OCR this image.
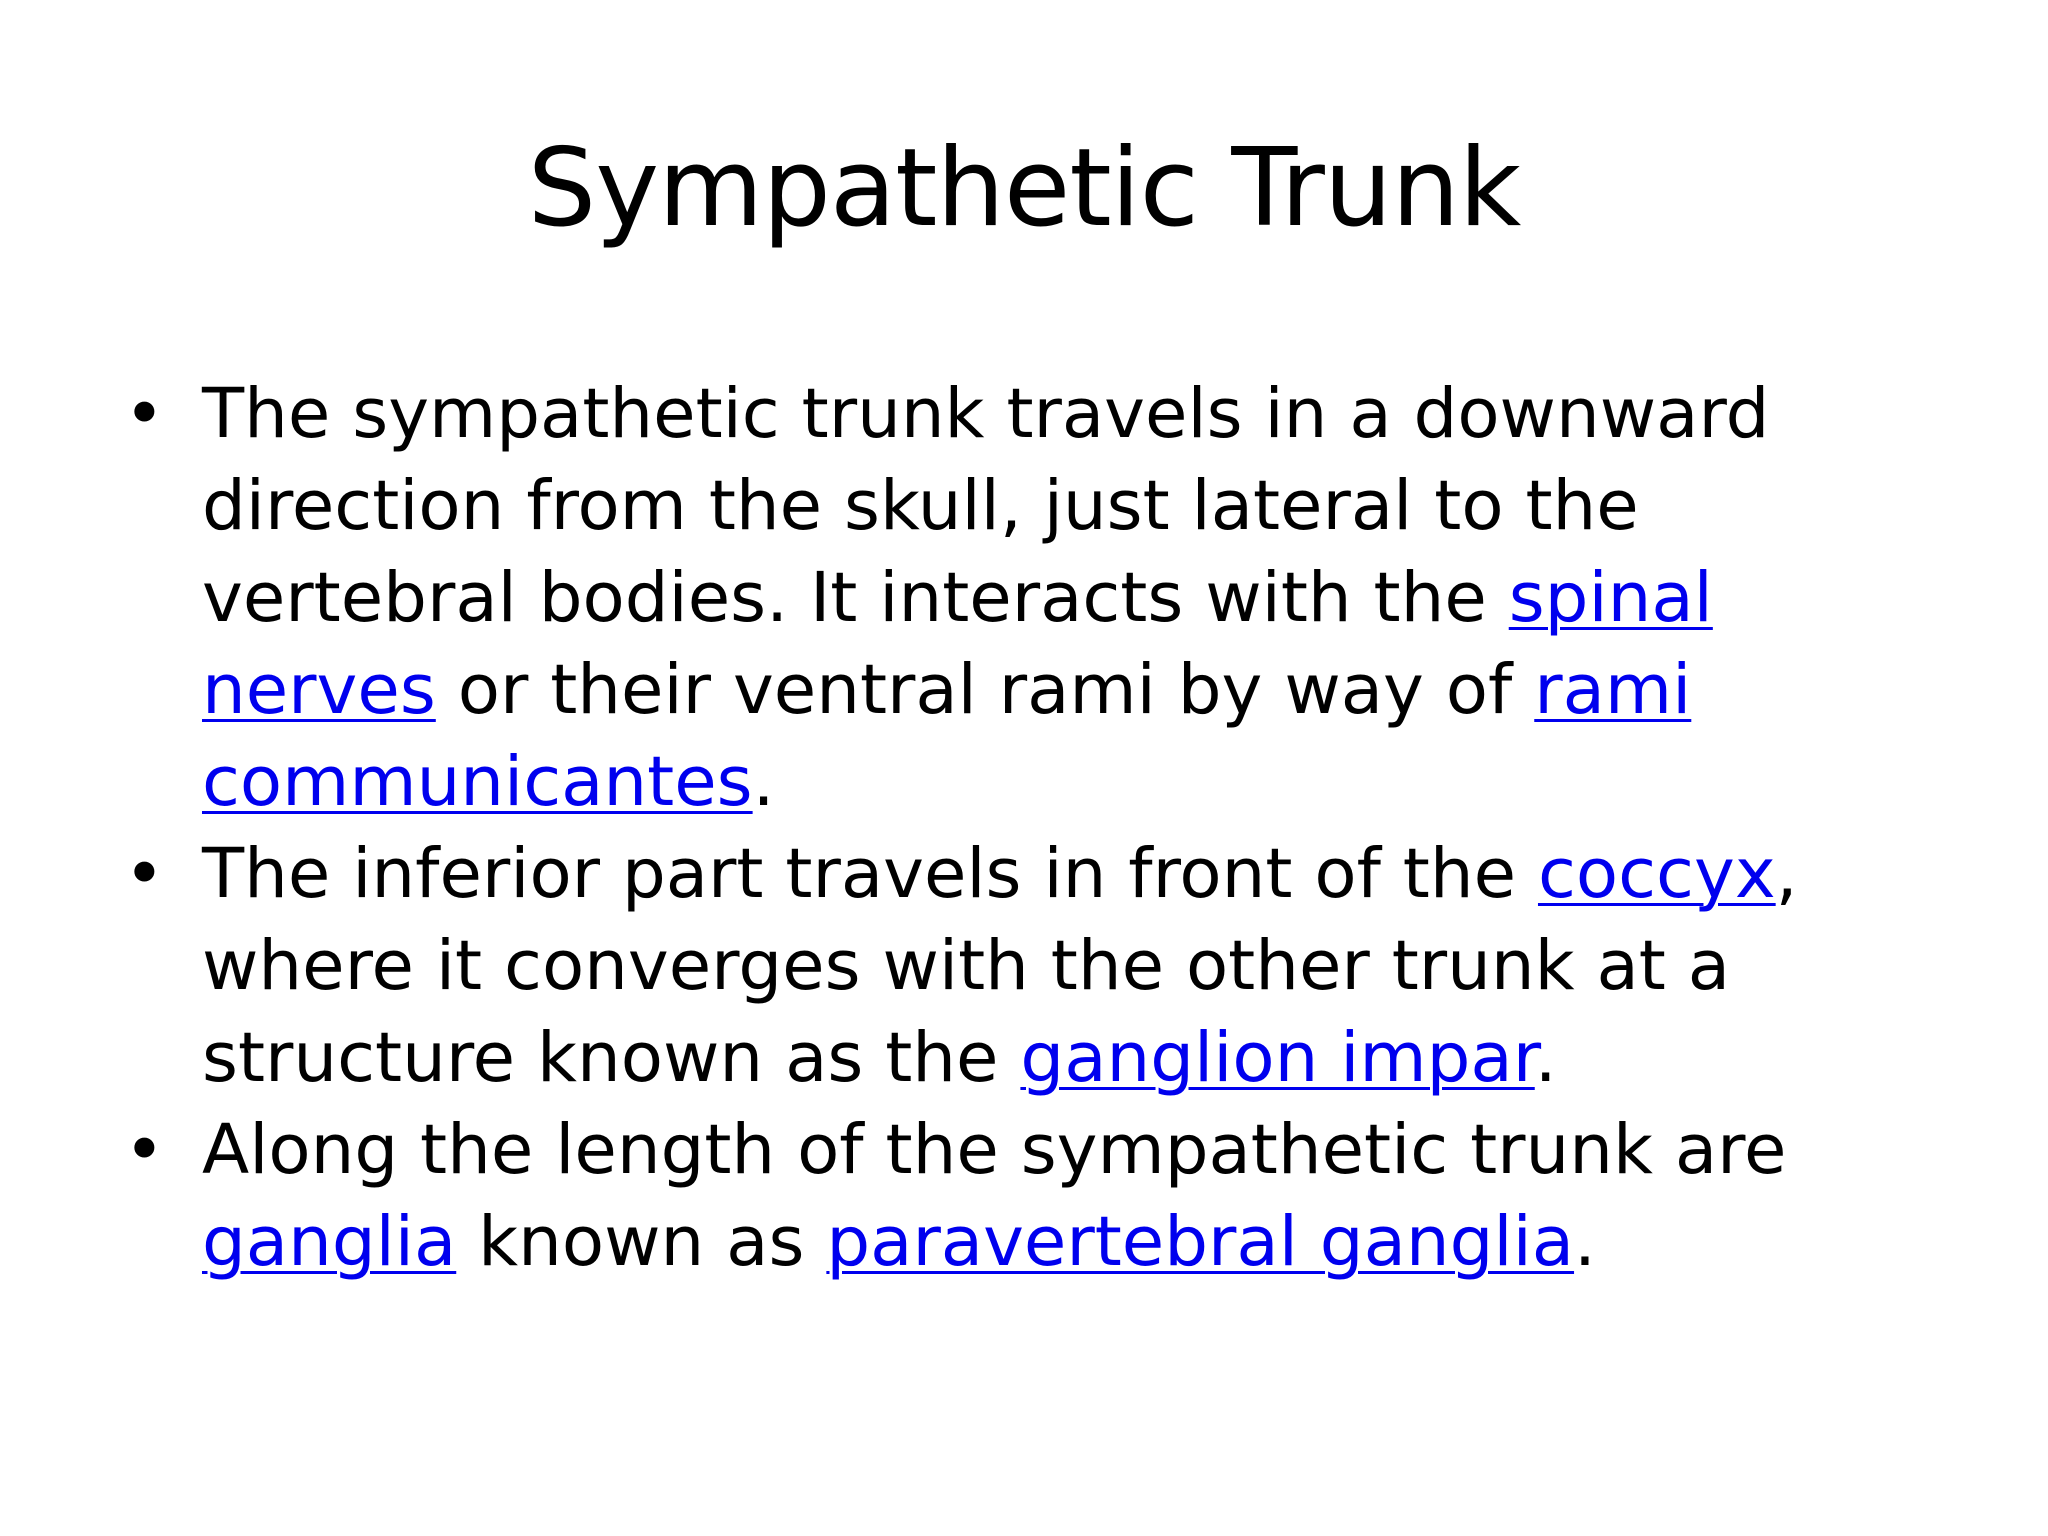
Sympathetic Trunk
• The sympathetic trunk travels in a downward direction from the skull, just lateral to the vertebral bodies. It interacts with the spinal nerves or their ventral rami by way of rami communicantes.
• The inferior part travels in front of the coccyx, where it converges with the other trunk at a structure known as the ganglion impar.
• Along the length of the sympathetic trunk are ganglia known as paravertebral ganglia.
